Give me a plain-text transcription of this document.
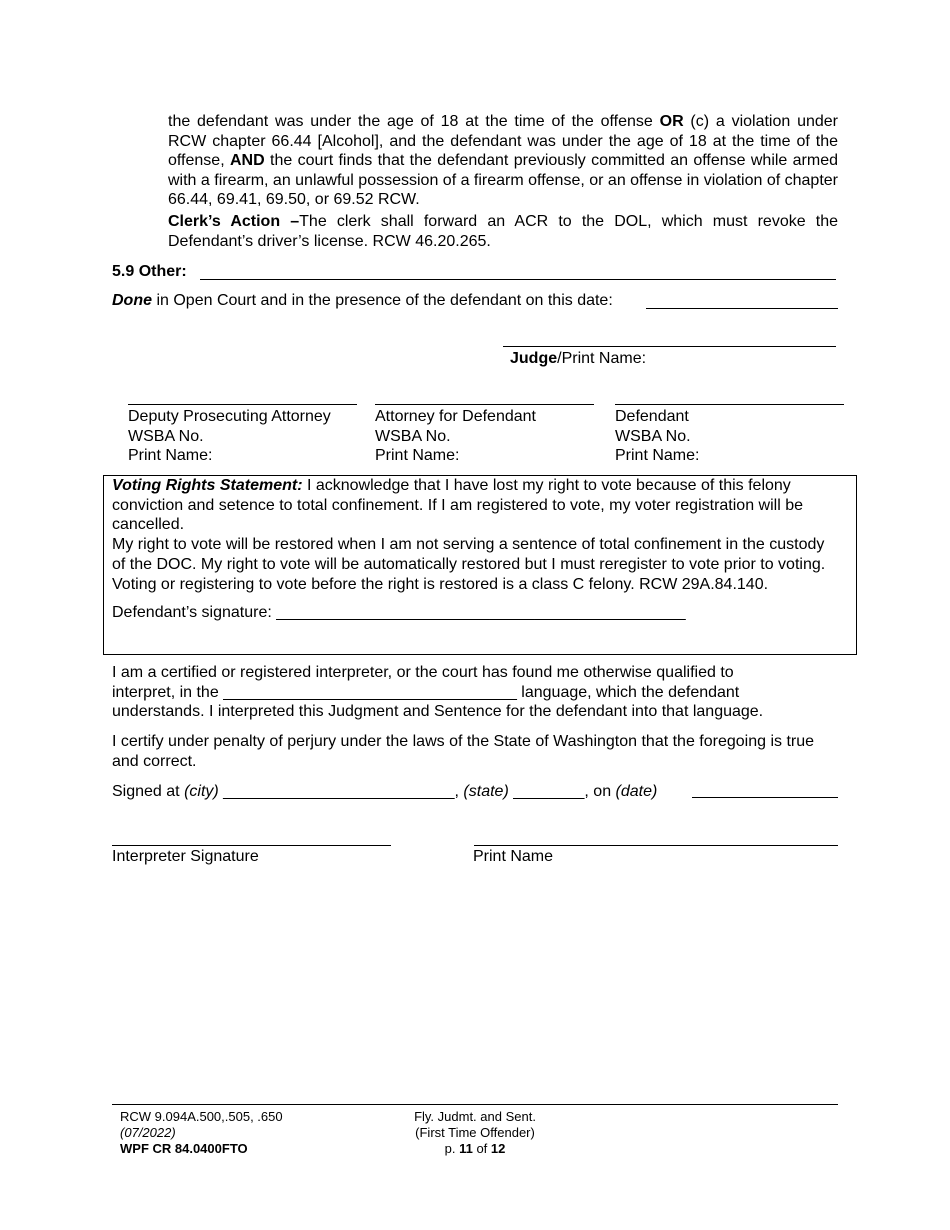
the defendant was under the age of 18 at the time of the offense OR (c) a violation under RCW chapter 66.44 [Alcohol], and the defendant was under the age of 18 at the time of the offense, AND the court finds that the defendant previously committed an offense while armed with a firearm, an unlawful possession of a firearm offense, or an offense in violation of chapter 66.44, 69.41, 69.50, or 69.52 RCW.
Clerk’s Action –The clerk shall forward an ACR to the DOL, which must revoke the Defendant’s driver’s license. RCW 46.20.265.
5.9 Other:
Done in Open Court and in the presence of the defendant on this date:
Judge/Print Name:
Deputy Prosecuting Attorney
WSBA No.
Print Name:
Attorney for Defendant
WSBA No.
Print Name:
Defendant
WSBA No.
Print Name:
Voting Rights Statement: I acknowledge that I have lost my right to vote because of this felony conviction and setence to total confinement. If I am registered to vote, my voter registration will be cancelled.
My right to vote will be restored when I am not serving a sentence of total confinement in the custody of the DOC. My right to vote will be automatically restored but I must reregister to vote prior to voting. Voting or registering to vote before the right is restored is a class C felony. RCW 29A.84.140.
Defendant’s signature: ______________________________________________
I am a certified or registered interpreter, or the court has found me otherwise qualified to
interpret, in the _________________________________ language, which the defendant
understands. I interpreted this Judgment and Sentence for the defendant into that language.
I certify under penalty of perjury under the laws of the State of Washington that the foregoing is true and correct.
Signed at (city) __________________________, (state) ________, on (date)
Interpreter Signature	Print Name
RCW 9.094A.500,.505, .650
(07/2022)
WPF CR 84.0400FTO
Fly. Judmt. and Sent. (First Time Offender)
p. 11 of 12
